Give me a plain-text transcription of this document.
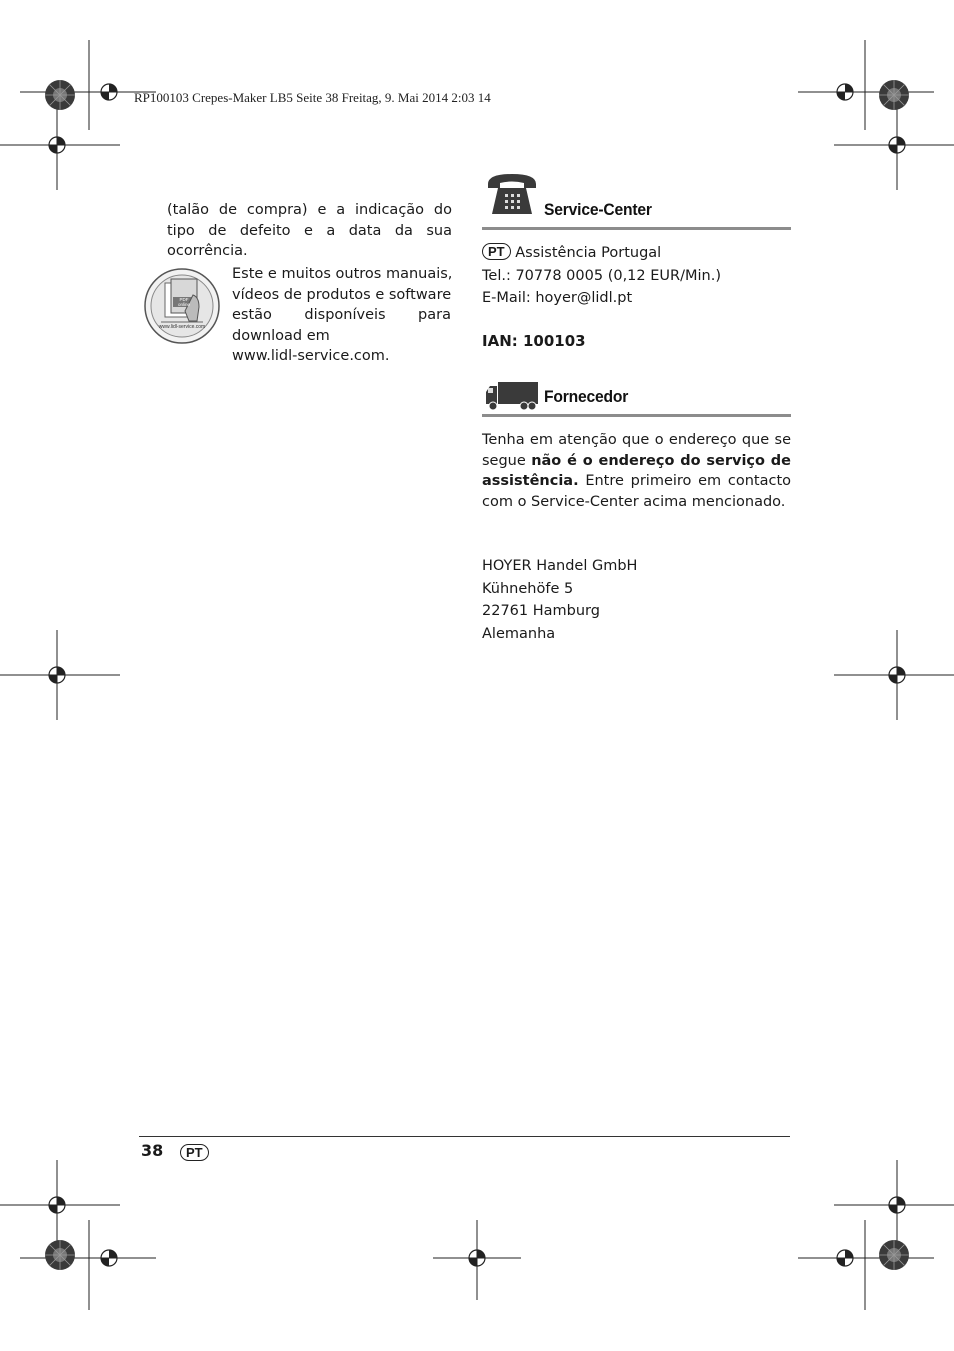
RP100103 Crepes-Maker LB5 Seite 38 Freitag, 9. Mai 2014 2:03 14
(talão de compra) e a indicação do tipo de defeito e a data da sua ocorrência.
PDF online
www.lidl-service.com
Este e muitos outros manuais,
vídeos de produtos e software
estão disponíveis para
download em
www.lidl-service.com.
Service-Center
PT Assistência Portugal
Tel.: 70778 0005 (0,12 EUR/Min.)
E-Mail: hoyer@lidl.pt
IAN: 100103
Fornecedor
Tenha em atenção que o endereço que se segue não é o endereço do serviço de assistência. Entre primeiro em contacto com o Service-Center acima mencionado.
HOYER Handel GmbH
Kühnehöfe 5
22761 Hamburg
Alemanha
38	PT
